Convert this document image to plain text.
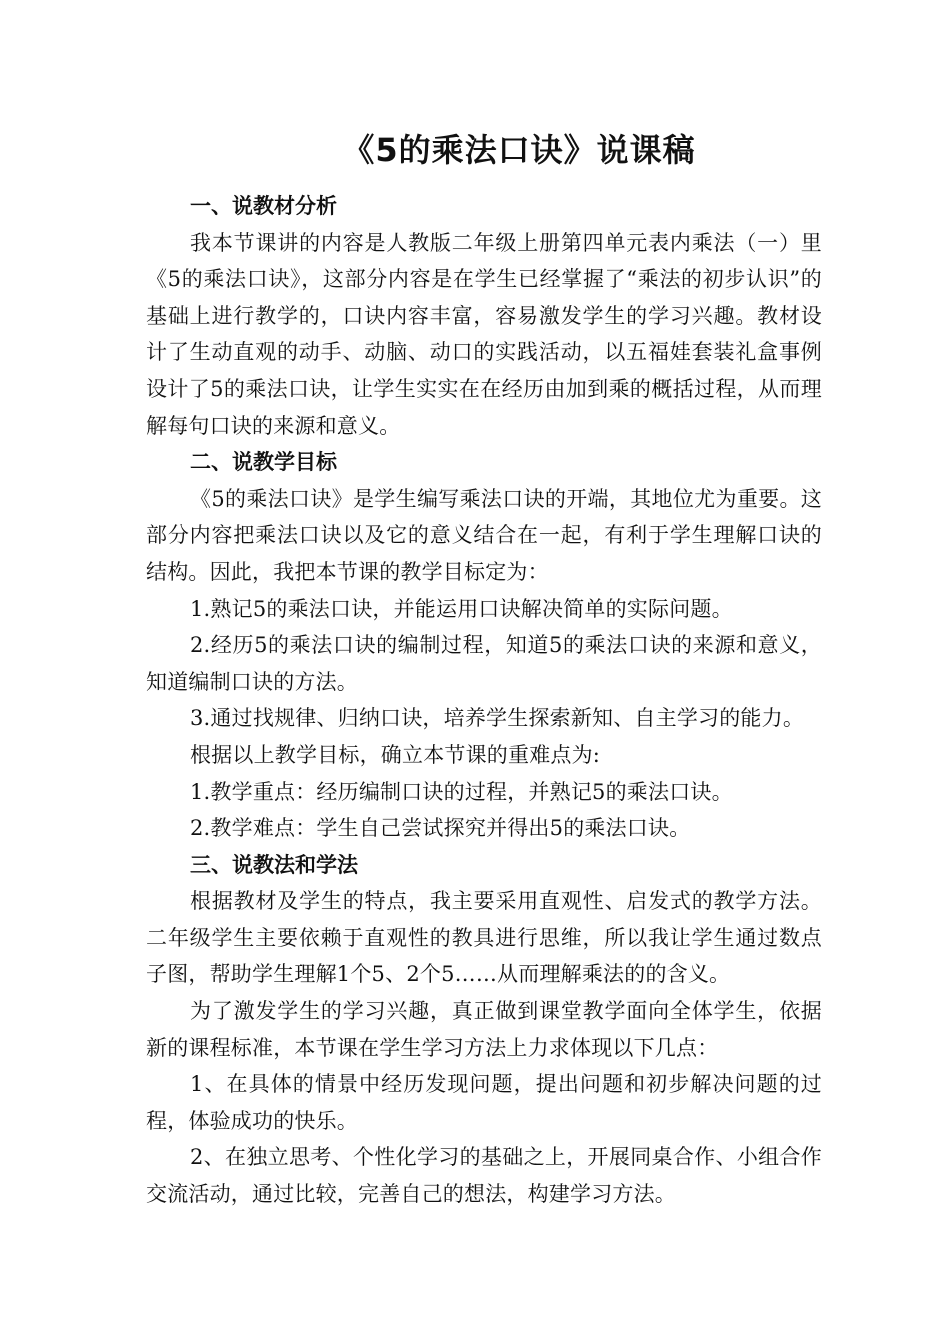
《5的乘法口诀》说课稿

一、说教材分析

我本节课讲的内容是人教版二年级上册第四单元表内乘法（一）里《5的乘法口诀》，这部分内容是在学生已经掌握了“乘法的初步认识”的基础上进行教学的，口诀内容丰富，容易激发学生的学习兴趣。教材设计了生动直观的动手、动脑、动口的实践活动，以五福娃套装礼盒事例设计了5的乘法口诀，让学生实实在在经历由加到乘的概括过程，从而理解每句口诀的来源和意义。

二、说教学目标

《5的乘法口诀》是学生编写乘法口诀的开端，其地位尤为重要。这部分内容把乘法口诀以及它的意义结合在一起，有利于学生理解口诀的结构。因此，我把本节课的教学目标定为：

1.熟记5的乘法口诀，并能运用口诀解决简单的实际问题。

2.经历5的乘法口诀的编制过程，知道5的乘法口诀的来源和意义，知道编制口诀的方法。

3.通过找规律、归纳口诀，培养学生探索新知、自主学习的能力。

根据以上教学目标，确立本节课的重难点为:

1.教学重点：经历编制口诀的过程，并熟记5的乘法口诀。

2.教学难点：学生自己尝试探究并得出5的乘法口诀。

三、说教法和学法

根据教材及学生的特点，我主要采用直观性、启发式的教学方法。二年级学生主要依赖于直观性的教具进行思维，所以我让学生通过数点子图，帮助学生理解1个5、2个5……从而理解乘法的的含义。

为了激发学生的学习兴趣，真正做到课堂教学面向全体学生，依据新的课程标准，本节课在学生学习方法上力求体现以下几点：

1、在具体的情景中经历发现问题，提出问题和初步解决问题的过程，体验成功的快乐。

2、在独立思考、个性化学习的基础之上，开展同桌合作、小组合作交流活动，通过比较，完善自己的想法，构建学习方法。
